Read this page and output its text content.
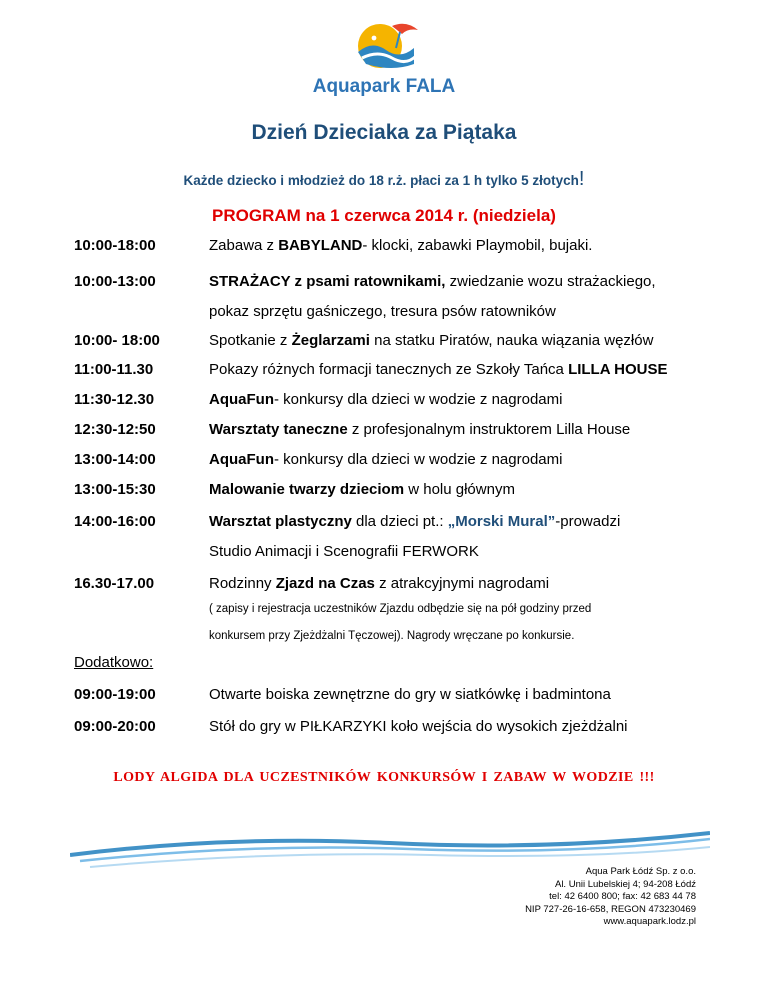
Aquapark FALA
Dzień Dzieciaka za Piątaka
Każde dziecko i młodzież do 18 r.ż. płaci za 1 h tylko 5 złotych!
PROGRAM na 1 czerwca 2014 r. (niedziela)
10:00-18:00	Zabawa z BABYLAND- klocki, zabawki Playmobil, bujaki.
10:00-13:00	STRAŻACY z psami ratownikami, zwiedzanie wozu strażackiego,
pokaz sprzętu gaśniczego, tresura psów ratowników
10:00- 18:00	Spotkanie z Żeglarzami na statku Piratów, nauka wiązania węzłów
11:00-11.30	Pokazy różnych formacji tanecznych ze Szkoły Tańca LILLA HOUSE
11:30-12.30	AquaFun- konkursy dla dzieci w wodzie z nagrodami
12:30-12:50	Warsztaty taneczne z profesjonalnym instruktorem Lilla House
13:00-14:00	AquaFun- konkursy dla dzieci w wodzie z nagrodami
13:00-15:30	Malowanie twarzy dzieciom w holu głównym
14:00-16:00	Warsztat plastyczny dla dzieci pt.: „Morski Mural”-prowadzi
Studio Animacji i Scenografii FERWORK
16.30-17.00	Rodzinny Zjazd na Czas z atrakcyjnymi nagrodami
( zapisy i rejestracja uczestników Zjazdu odbędzie się na pół godziny przed
konkursem przy Zjeżdżalni Tęczowej). Nagrody wręczane po konkursie.
Dodatkowo:
09:00-19:00	Otwarte boiska zewnętrzne do gry w siatkówkę i badmintona
09:00-20:00	Stół do gry w PIŁKARZYKI koło wejścia do wysokich zjeżdżalni
LODY ALGIDA DLA UCZESTNIKÓW KONKURSÓW I ZABAW W WODZIE !!!
Aqua Park Łódź Sp. z o.o.
Al. Unii Lubelskiej 4; 94-208 Łódź
tel: 42 6400 800; fax: 42 683 44 78
NIP 727-26-16-658, REGON 473230469
www.aquapark.lodz.pl
